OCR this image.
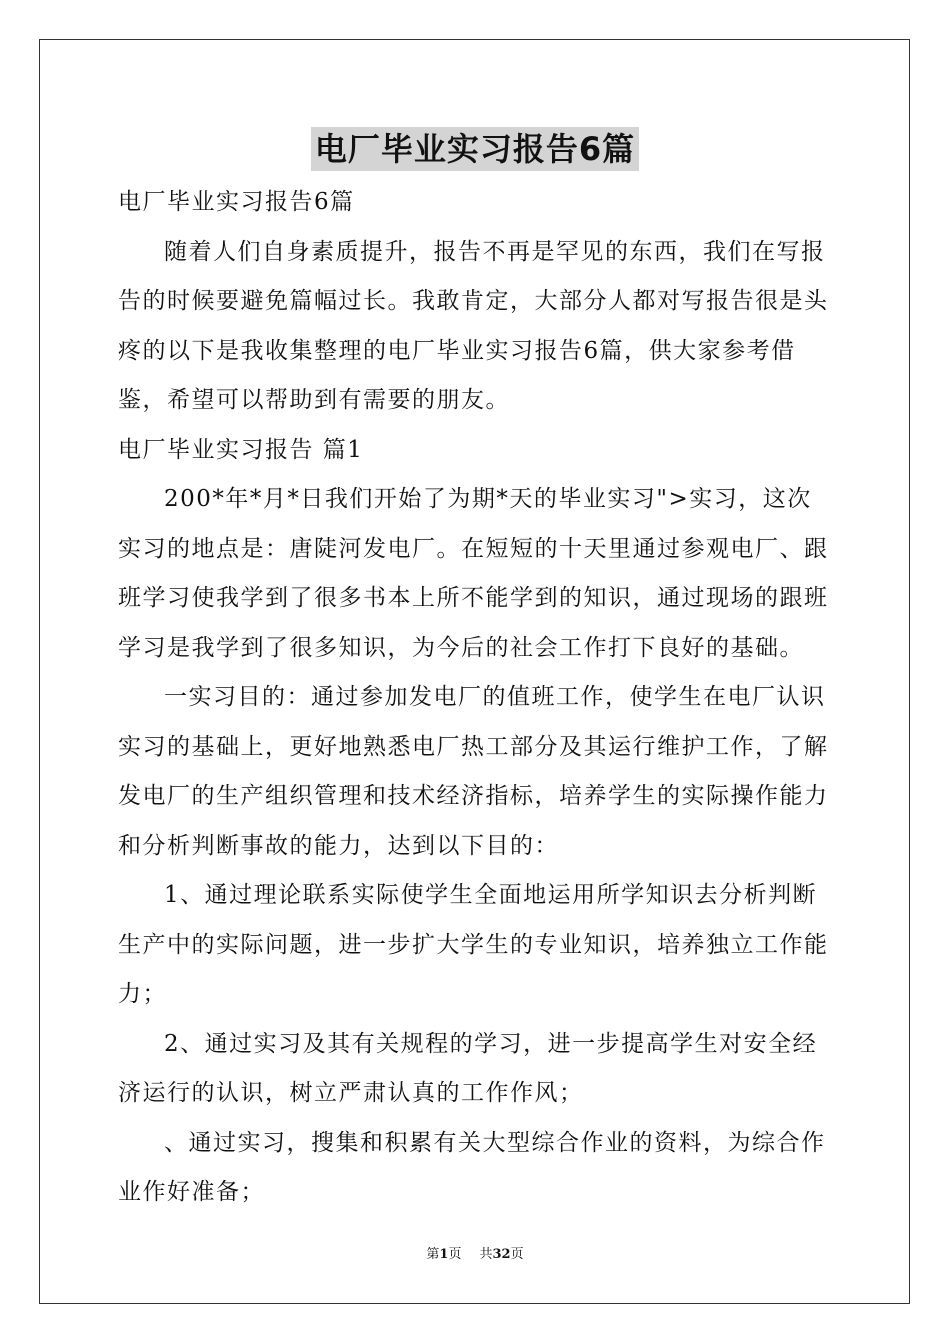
电厂毕业实习报告6篇

电厂毕业实习报告6篇

随着人们自身素质提升，报告不再是罕见的东西，我们在写报告的时候要避免篇幅过长。我敢肯定，大部分人都对写报告很是头疼的以下是我收集整理的电厂毕业实习报告6篇，供大家参考借鉴，希望可以帮助到有需要的朋友。

电厂毕业实习报告 篇1

200*年*月*日我们开始了为期*天的毕业实习">实习，这次实习的地点是：唐陡河发电厂。在短短的十天里通过参观电厂、跟班学习使我学到了很多书本上所不能学到的知识，通过现场的跟班学习是我学到了很多知识，为今后的社会工作打下良好的基础。

一实习目的：通过参加发电厂的值班工作，使学生在电厂认识实习的基础上，更好地熟悉电厂热工部分及其运行维护工作，了解发电厂的生产组织管理和技术经济指标，培养学生的实际操作能力和分析判断事故的能力，达到以下目的：

1、通过理论联系实际使学生全面地运用所学知识去分析判断生产中的实际问题，进一步扩大学生的专业知识，培养独立工作能力；

2、通过实习及其有关规程的学习，进一步提高学生对安全经济运行的认识，树立严肃认真的工作作风；

、通过实习，搜集和积累有关大型综合作业的资料，为综合作业作好准备；

第1页 共32页
